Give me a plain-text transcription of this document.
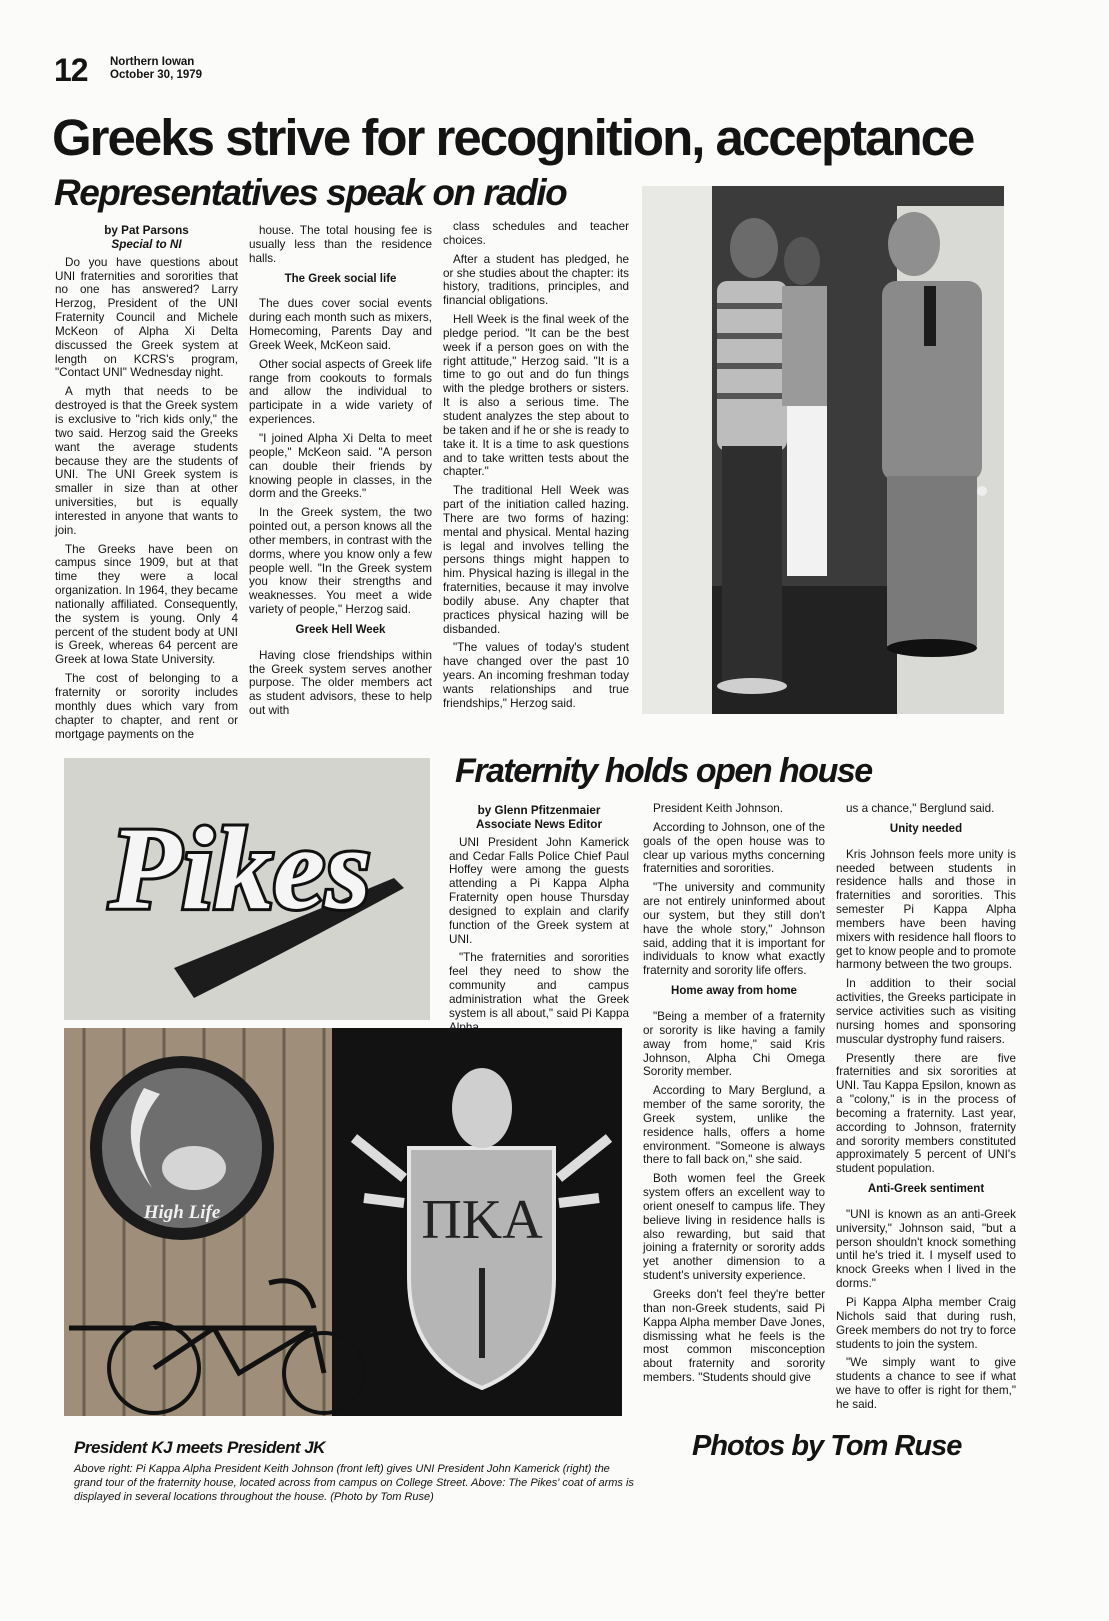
12 Northern Iowan
October 30, 1979
Greeks strive for recognition, acceptance
Representatives speak on radio
by Pat Parsons
Special to NI

Do you have questions about UNI fraternities and sororities that no one has answered? Larry Herzog, President of the UNI Fraternity Council and Michele McKeon of Alpha Xi Delta discussed the Greek system at length on KCRS's program, "Contact UNI" Wednesday night.

A myth that needs to be destroyed is that the Greek system is exclusive to "rich kids only," the two said. Herzog said the Greeks want the average students because they are the students of UNI. The UNI Greek system is smaller in size than at other universities, but is equally interested in anyone that wants to join.

The Greeks have been on campus since 1909, but at that time they were a local organization. In 1964, they became nationally affiliated. Consequently, the system is young. Only 4 percent of the student body at UNI is Greek, whereas 64 percent are Greek at Iowa State University.

The cost of belonging to a fraternity or sorority includes monthly dues which vary from chapter to chapter, and rent or mortgage payments on the

house. The total housing fee is usually less than the residence halls.

The Greek social life

The dues cover social events during each month such as mixers, Homecoming, Parents Day and Greek Week, McKeon said.

Other social aspects of Greek life range from cookouts to formals and allow the individual to participate in a wide variety of experiences.

"I joined Alpha Xi Delta to meet people," McKeon said. "A person can double their friends by knowing people in classes, in the dorm and the Greeks."

In the Greek system, the two pointed out, a person knows all the other members, in contrast with the dorms, where you know only a few people well. "In the Greek system you know their strengths and weaknesses. You meet a wide variety of people," Herzog said.

Greek Hell Week

Having close friendships within the Greek system serves another purpose. The older members act as student advisors, these to help out with

class schedules and teacher choices.

After a student has pledged, he or she studies about the chapter: its history, traditions, principles, and financial obligations.

Hell Week is the final week of the pledge period. "It can be the best week if a person goes on with the right attitude," Herzog said. "It is a time to go out and do fun things with the pledge brothers or sisters. It is also a serious time. The student analyzes the step about to be taken and if he or she is ready to take it. It is a time to ask questions and to take written tests about the chapter."

The traditional Hell Week was part of the initiation called hazing. There are two forms of hazing: mental and physical. Mental hazing is legal and involves telling the persons things might happen to him. Physical hazing is illegal in the fraternities, because it may involve bodily abuse. Any chapter that practices physical hazing will be disbanded.

"The values of today's student have changed over the past 10 years. An incoming freshman today wants relationships and true friendships," Herzog said.

Pikes
High Life	ΠΚΑ
Fraternity holds open house
by Glenn Pfitzenmaier
Associate News Editor

UNI President John Kamerick and Cedar Falls Police Chief Paul Hoffey were among the guests attending a Pi Kappa Alpha Fraternity open house Thursday designed to explain and clarify function of the Greek system at UNI.

"The fraternities and sororities feel they need to show the community and campus administration what the Greek system is all about," said Pi Kappa Alpha

President Keith Johnson.

According to Johnson, one of the goals of the open house was to clear up various myths concerning fraternities and sororities.

"The university and community are not entirely uninformed about our system, but they still don't have the whole story," Johnson said, adding that it is important for individuals to know what exactly fraternity and sorority life offers.

Home away from home

"Being a member of a fraternity or sorority is like having a family away from home," said Kris Johnson, Alpha Chi Omega Sorority member.

According to Mary Berglund, a member of the same sorority, the Greek system, unlike the residence halls, offers a home environment. "Someone is always there to fall back on," she said.

Both women feel the Greek system offers an excellent way to orient oneself to campus life. They believe living in residence halls is also rewarding, but said that joining a fraternity or sorority adds yet another dimension to a student's university experience.

Greeks don't feel they're better than non-Greek students, said Pi Kappa Alpha member Dave Jones, dismissing what he feels is the most common misconception about fraternity and sorority members. "Students should give

us a chance," Berglund said.

Unity needed

Kris Johnson feels more unity is needed between students in residence halls and those in fraternities and sororities. This semester Pi Kappa Alpha members have been having mixers with residence hall floors to get to know people and to promote harmony between the two groups.

In addition to their social activities, the Greeks participate in service activities such as visiting nursing homes and sponsoring muscular dystrophy fund raisers.

Presently there are five fraternities and six sororities at UNI. Tau Kappa Epsilon, known as a "colony," is in the process of becoming a fraternity. Last year, according to Johnson, fraternity and sorority members constituted approximately 5 percent of UNI's student population.

Anti-Greek sentiment

"UNI is known as an anti-Greek university," Johnson said, "but a person shouldn't knock something until he's tried it. I myself used to knock Greeks when I lived in the dorms."

Pi Kappa Alpha member Craig Nichols said that during rush, Greek members do not try to force students to join the system.

"We simply want to give students a chance to see if what we have to offer is right for them," he said.

President KJ meets President JK
Above right: Pi Kappa Alpha President Keith Johnson (front left) gives UNI President John Kamerick (right) the grand tour of the fraternity house, located across from campus on College Street. Above: The Pikes' coat of arms is displayed in several locations throughout the house. (Photo by Tom Ruse)
Photos by Tom Ruse
